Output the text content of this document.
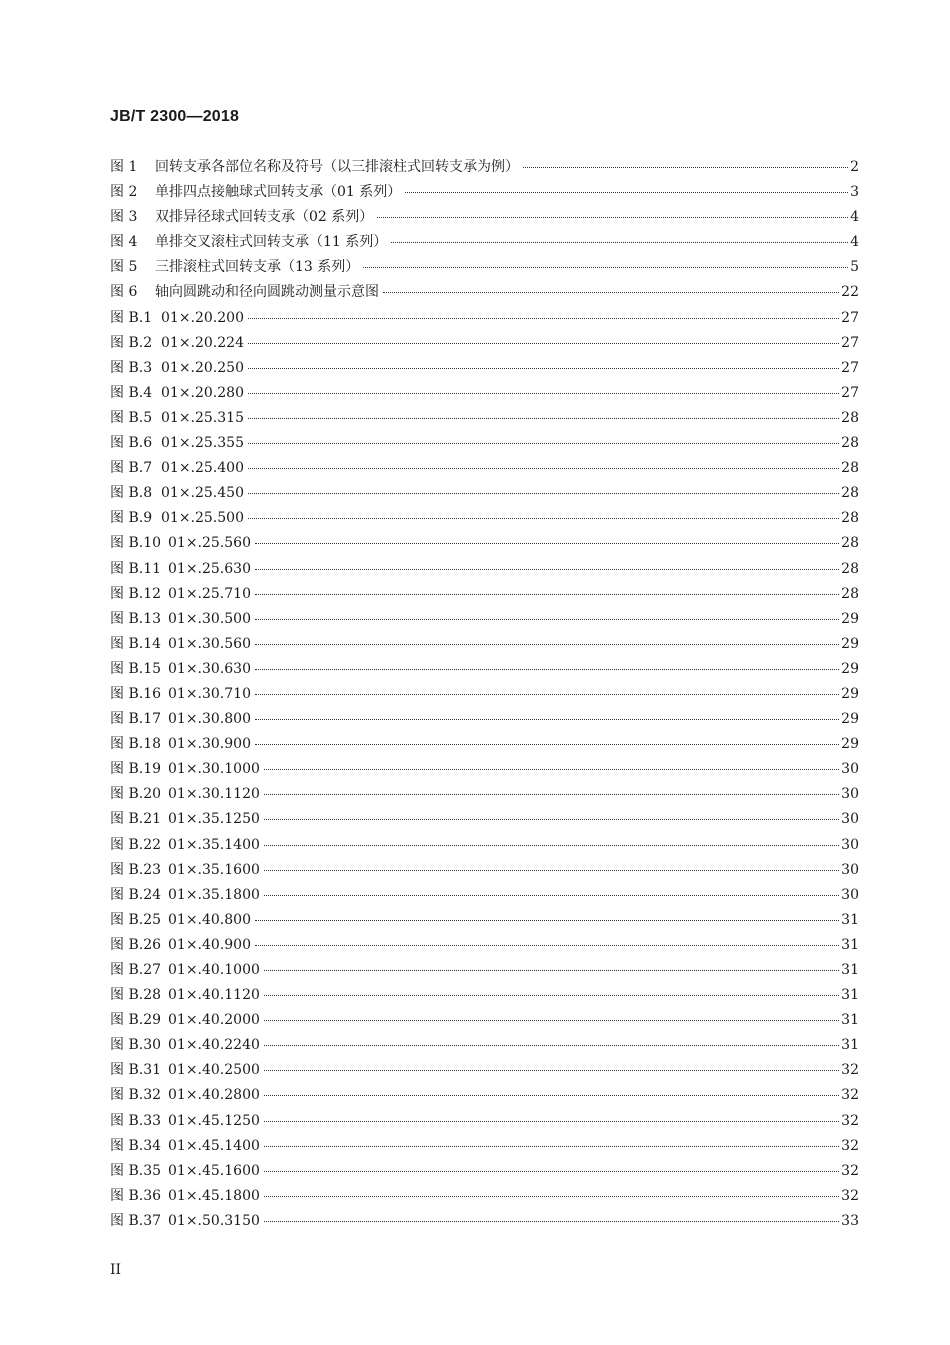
JB/T 2300—2018
图 1	回转支承各部位名称及符号（以三排滚柱式回转支承为例）	2
图 2	单排四点接触球式回转支承（01 系列）	3
图 3	双排异径球式回转支承（02 系列）	4
图 4	单排交叉滚柱式回转支承（11 系列）	4
图 5	三排滚柱式回转支承（13 系列）	5
图 6	轴向圆跳动和径向圆跳动测量示意图	22
图 B.1 01×.20.200	27
图 B.2 01×.20.224	27
图 B.3 01×.20.250	27
图 B.4 01×.20.280	27
图 B.5 01×.25.315	28
图 B.6 01×.25.355	28
图 B.7 01×.25.400	28
图 B.8 01×.25.450	28
图 B.9 01×.25.500	28
图 B.10 01×.25.560	28
图 B.11 01×.25.630	28
图 B.12 01×.25.710	28
图 B.13 01×.30.500	29
图 B.14 01×.30.560	29
图 B.15 01×.30.630	29
图 B.16 01×.30.710	29
图 B.17 01×.30.800	29
图 B.18 01×.30.900	29
图 B.19 01×.30.1000	30
图 B.20 01×.30.1120	30
图 B.21 01×.35.1250	30
图 B.22 01×.35.1400	30
图 B.23 01×.35.1600	30
图 B.24 01×.35.1800	30
图 B.25 01×.40.800	31
图 B.26 01×.40.900	31
图 B.27 01×.40.1000	31
图 B.28 01×.40.1120	31
图 B.29 01×.40.2000	31
图 B.30 01×.40.2240	31
图 B.31 01×.40.2500	32
图 B.32 01×.40.2800	32
图 B.33 01×.45.1250	32
图 B.34 01×.45.1400	32
图 B.35 01×.45.1600	32
图 B.36 01×.45.1800	32
图 B.37 01×.50.3150	33
II
